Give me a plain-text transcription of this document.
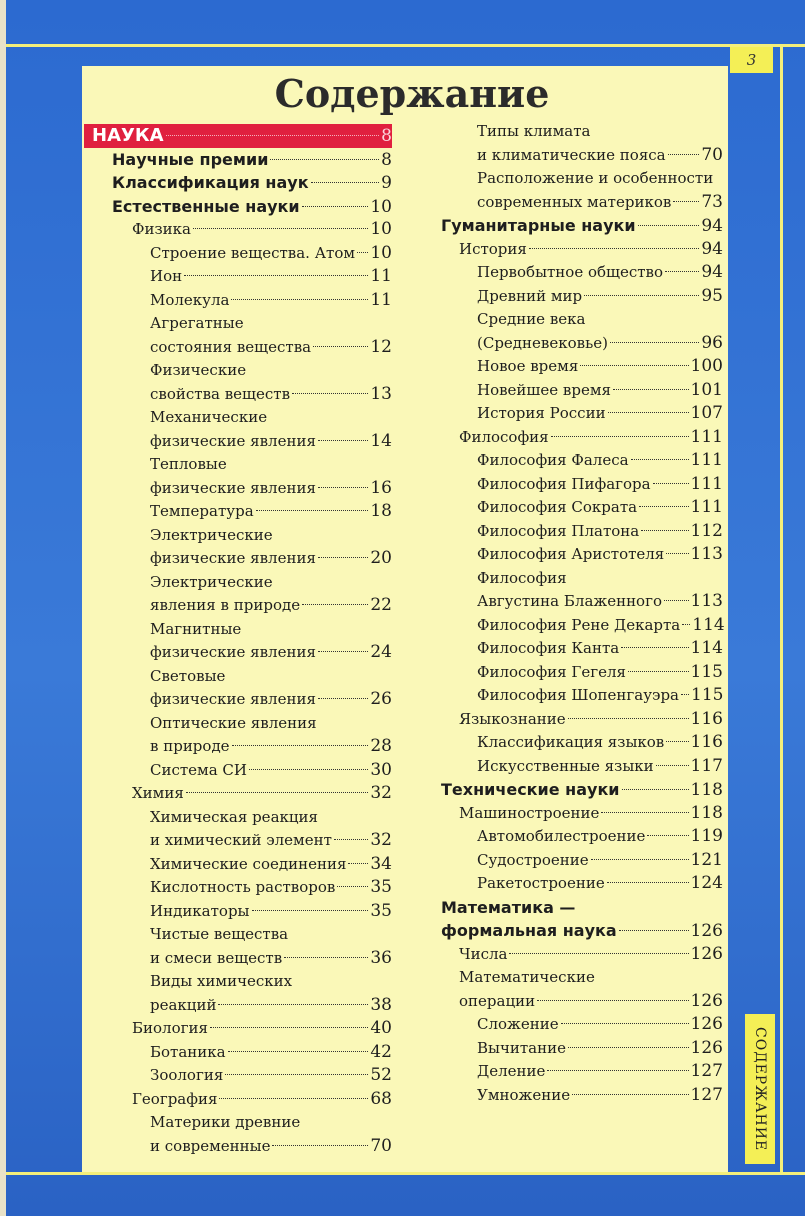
3
СОДЕРЖАНИЕ
Содержание
НАУКА	8
Научные премии	8
Классификация наук	9
Естественные науки	10
Физика	10
Строение вещества. Атом 10
Ион	11
Молекула	11
Агрегатные
состояния вещества	12
Физические
свойства веществ	13
Механические
физические явления	14
Тепловые
физические явления	16
Температура	18
Электрические
физические явления	20
Электрические
явления в природе	22
Магнитные
физические явления	24
Световые
физические явления	26
Оптические явления
в природе	28
Система СИ	30
Химия	32
Химическая реакция
и химический элемент 32
Химические соединения 34
Кислотность растворов 35
Индикаторы	35
Чистые вещества
и смеси веществ	36
Виды химических
реакций	38
Биология	40
Ботаника	42
Зоология	52
География	68
Материки древние
и современные	70
Типы климата
и климатические пояса 70
Расположение и особенности
современных материков 73
Гуманитарные науки	94
История	94
Первобытное общество 94
Древний мир	95
Средние века
(Средневековье)	96
Новое время	100
Новейшее время	101
История России	107
Философия	111
Философия Фалеса	111
Философия Пифагора 111
Философия Сократа	111
Философия Платона	112
Философия Аристотеля 113
Философия
Августина Блаженного 113
Философия Рене Декарта 114
Философия Канта	114
Философия Гегеля	115
Философия Шопенгауэра 115
Языкознание	116
Классификация языков 116
Искусственные языки 117
Технические науки	118
Машиностроение	118
Автомобилестроение	119
Судостроение	121
Ракетостроение	124
Математика —
формальная наука	126
Числа	126
Математические
операции	126
Сложение	126
Вычитание	126
Деление	127
Умножение	127
